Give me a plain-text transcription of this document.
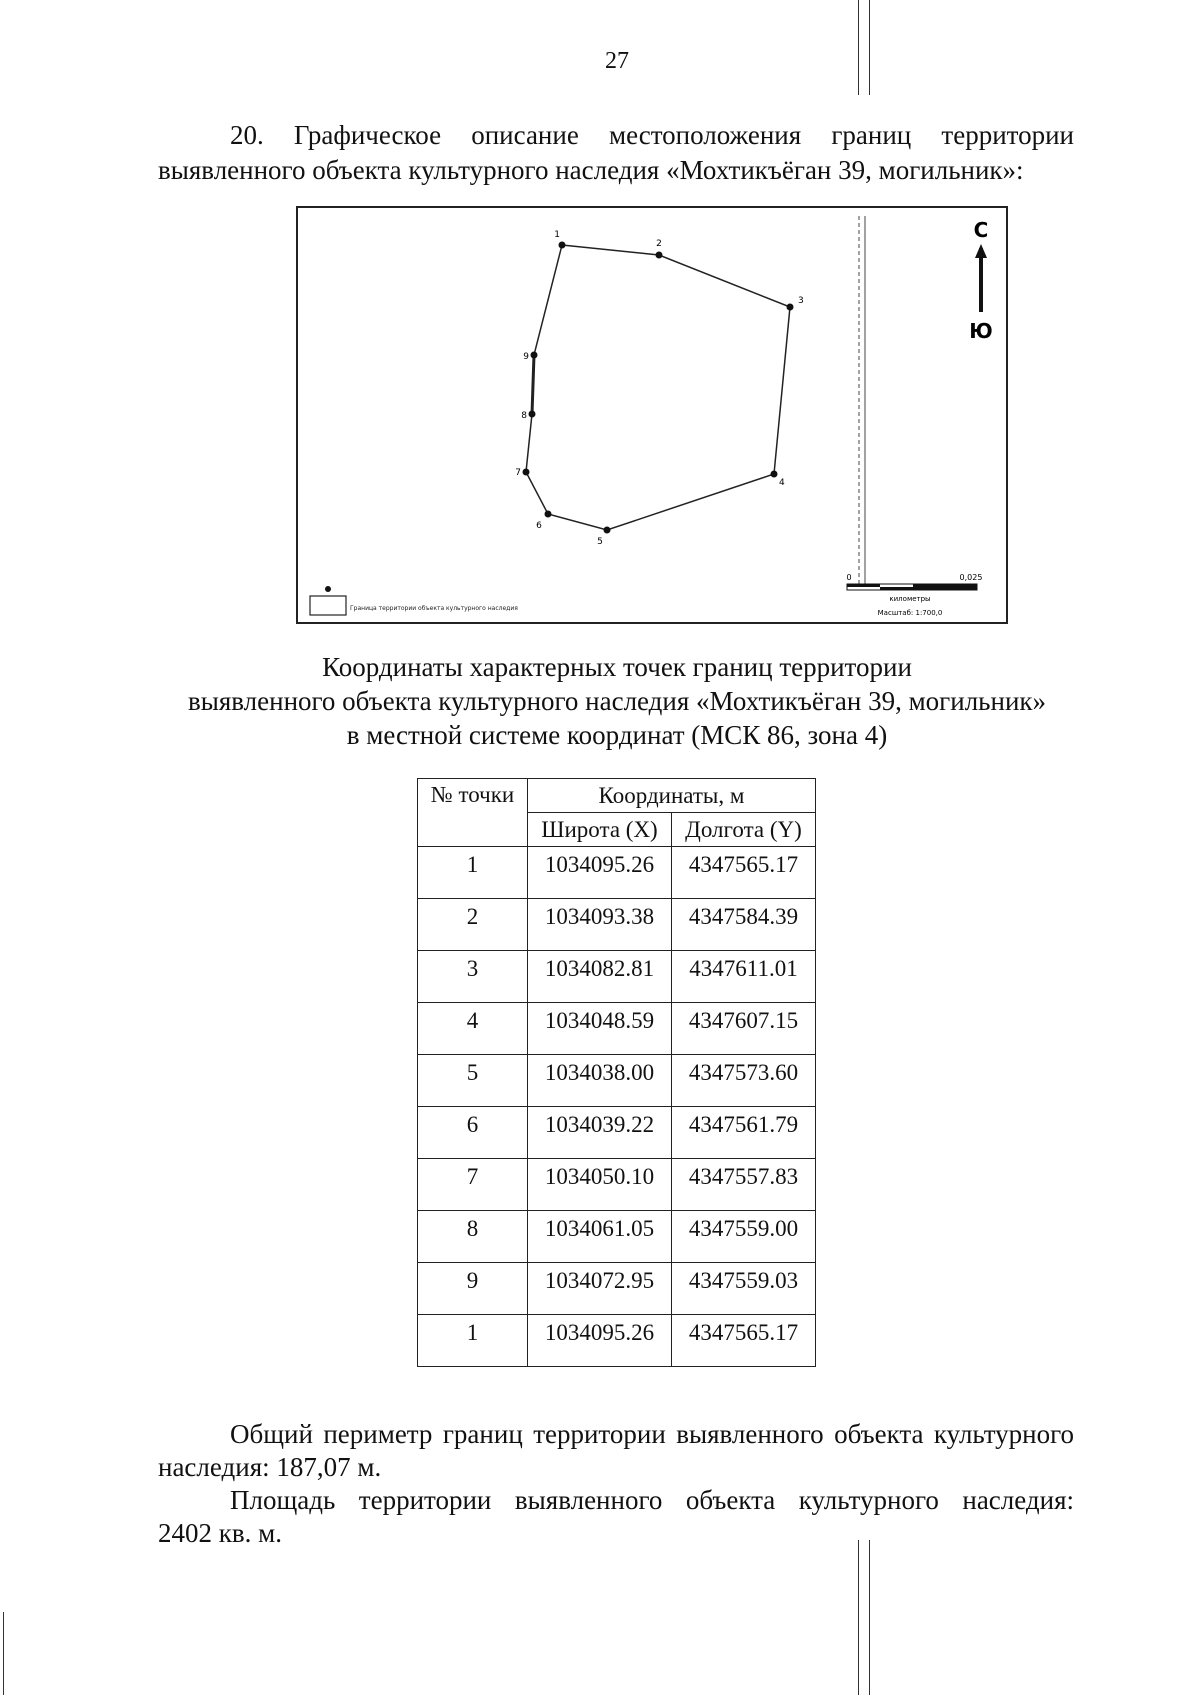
27
20. Графическое описание местоположения границ территории выявленного объекта культурного наследия «Мохтикъёган 39, могильник»:
1
2
3
4
5
6
7
8
9
С
Ю
Граница территории объекта культурного наследия
0	0,025
километры
Масштаб: 1:700,0
Координаты характерных точек границ территории
выявленного объекта культурного наследия «Мохтикъёган 39, могильник»
в местной системе координат (МСК 86, зона 4)
№ точки	Координаты, м	
	Широта (X)	Долгота (Y)
1	1034095.26	4347565.17
2	1034093.38	4347584.39
3	1034082.81	4347611.01
4	1034048.59	4347607.15
5	1034038.00	4347573.60
6	1034039.22	4347561.79
7	1034050.10	4347557.83
8	1034061.05	4347559.00
9	1034072.95	4347559.03
1	1034095.26	4347565.17
Общий периметр границ территории выявленного объекта культурного наследия: 187,07 м.
Площадь территории выявленного объекта культурного наследия:
2402 кв. м.
